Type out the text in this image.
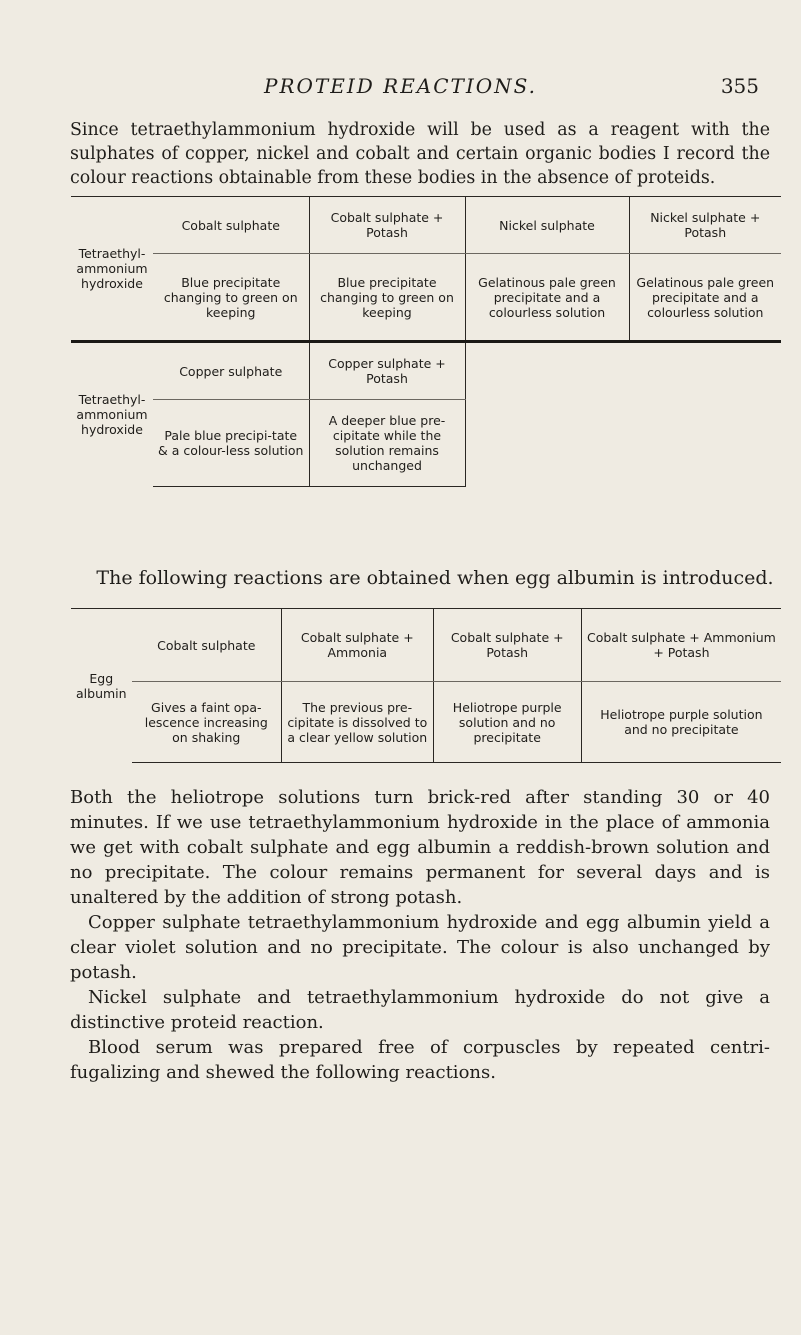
PROTEID REACTIONS.	355
Since tetraethylammonium hydroxide will be used as a reagent with the sulphates of copper, nickel and cobalt and certain organic bodies I record the colour reactions obtainable from these bodies in the absence of proteids.
Tetraethyl-ammonium hydroxide	Cobalt sulphate	Cobalt sulphate + Potash	Nickel sulphate	Nickel sulphate + Potash
	Blue precipitate changing to green on keeping	Blue precipitate changing to green on keeping	Gelatinous pale green precipitate and a colourless solution	Gelatinous pale green precipitate and a colourless solution
Tetraethyl-ammonium hydroxide	Copper sulphate	Copper sulphate + Potash		
	Pale blue precipi-tate & a colour-less solution	A deeper blue pre-cipitate while the solution remains unchanged		
The following reactions are obtained when egg albumin is introduced.
Egg albumin	Cobalt sulphate	Cobalt sulphate + Ammonia	Cobalt sulphate + Potash	Cobalt sulphate + Ammonium + Potash
	Gives a faint opa-lescence increasing on shaking	The previous pre-cipitate is dissolved to a clear yellow solution	Heliotrope purple solution and no precipitate	Heliotrope purple solution and no precipitate
Both the heliotrope solutions turn brick-red after standing 30 or 40 minutes. If we use tetraethylammonium hydroxide in the place of ammonia we get with cobalt sulphate and egg albumin a reddish-brown solution and no precipitate. The colour remains permanent for several days and is unaltered by the addition of strong potash.
Copper sulphate tetraethylammonium hydroxide and egg albumin yield a clear violet solution and no precipitate. The colour is also unchanged by potash.
Nickel sulphate and tetraethylammonium hydroxide do not give a distinctive proteid reaction.
Blood serum was prepared free of corpuscles by repeated centri-fugalizing and shewed the following reactions.
